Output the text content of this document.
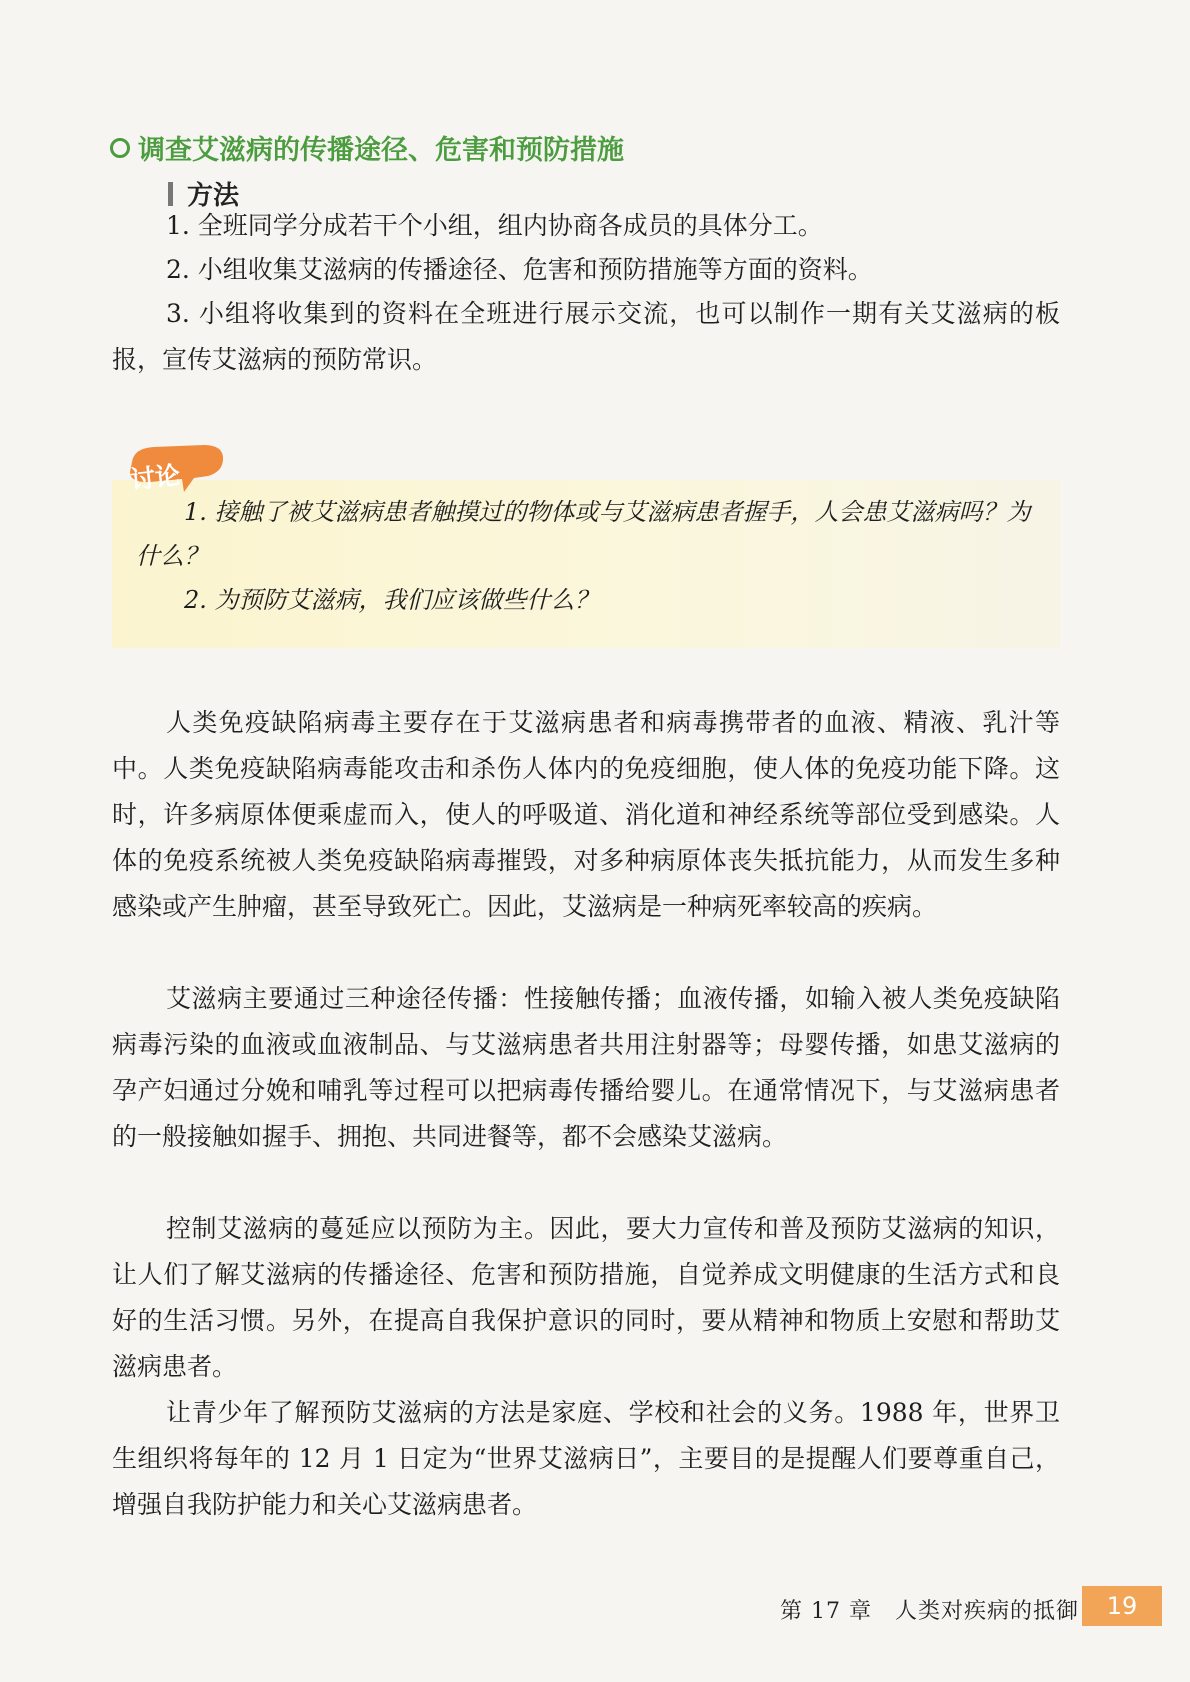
调查艾滋病的传播途径、危害和预防措施
方法

1. 全班同学分成若干个小组，组内协商各成员的具体分工。

2. 小组收集艾滋病的传播途径、危害和预防措施等方面的资料。

3. 小组将收集到的资料在全班进行展示交流，也可以制作一期有关艾滋病的板报，宣传艾滋病的预防常识。

讨论

1. 接触了被艾滋病患者触摸过的物体或与艾滋病患者握手，人会患艾滋病吗？为什么？

2. 为预防艾滋病，我们应该做些什么？

人类免疫缺陷病毒主要存在于艾滋病患者和病毒携带者的血液、精液、乳汁等中。人类免疫缺陷病毒能攻击和杀伤人体内的免疫细胞，使人体的免疫功能下降。这时，许多病原体便乘虚而入，使人的呼吸道、消化道和神经系统等部位受到感染。人体的免疫系统被人类免疫缺陷病毒摧毁，对多种病原体丧失抵抗能力，从而发生多种感染或产生肿瘤，甚至导致死亡。因此，艾滋病是一种病死率较高的疾病。

艾滋病主要通过三种途径传播：性接触传播；血液传播，如输入被人类免疫缺陷病毒污染的血液或血液制品、与艾滋病患者共用注射器等；母婴传播，如患艾滋病的孕产妇通过分娩和哺乳等过程可以把病毒传播给婴儿。在通常情况下，与艾滋病患者的一般接触如握手、拥抱、共同进餐等，都不会感染艾滋病。

控制艾滋病的蔓延应以预防为主。因此，要大力宣传和普及预防艾滋病的知识，让人们了解艾滋病的传播途径、危害和预防措施，自觉养成文明健康的生活方式和良好的生活习惯。另外，在提高自我保护意识的同时，要从精神和物质上安慰和帮助艾滋病患者。

让青少年了解预防艾滋病的方法是家庭、学校和社会的义务。1988 年，世界卫生组织将每年的 12 月 1 日定为“世界艾滋病日”，主要目的是提醒人们要尊重自己，增强自我防护能力和关心艾滋病患者。

第 17 章　人类对疾病的抵御	19
